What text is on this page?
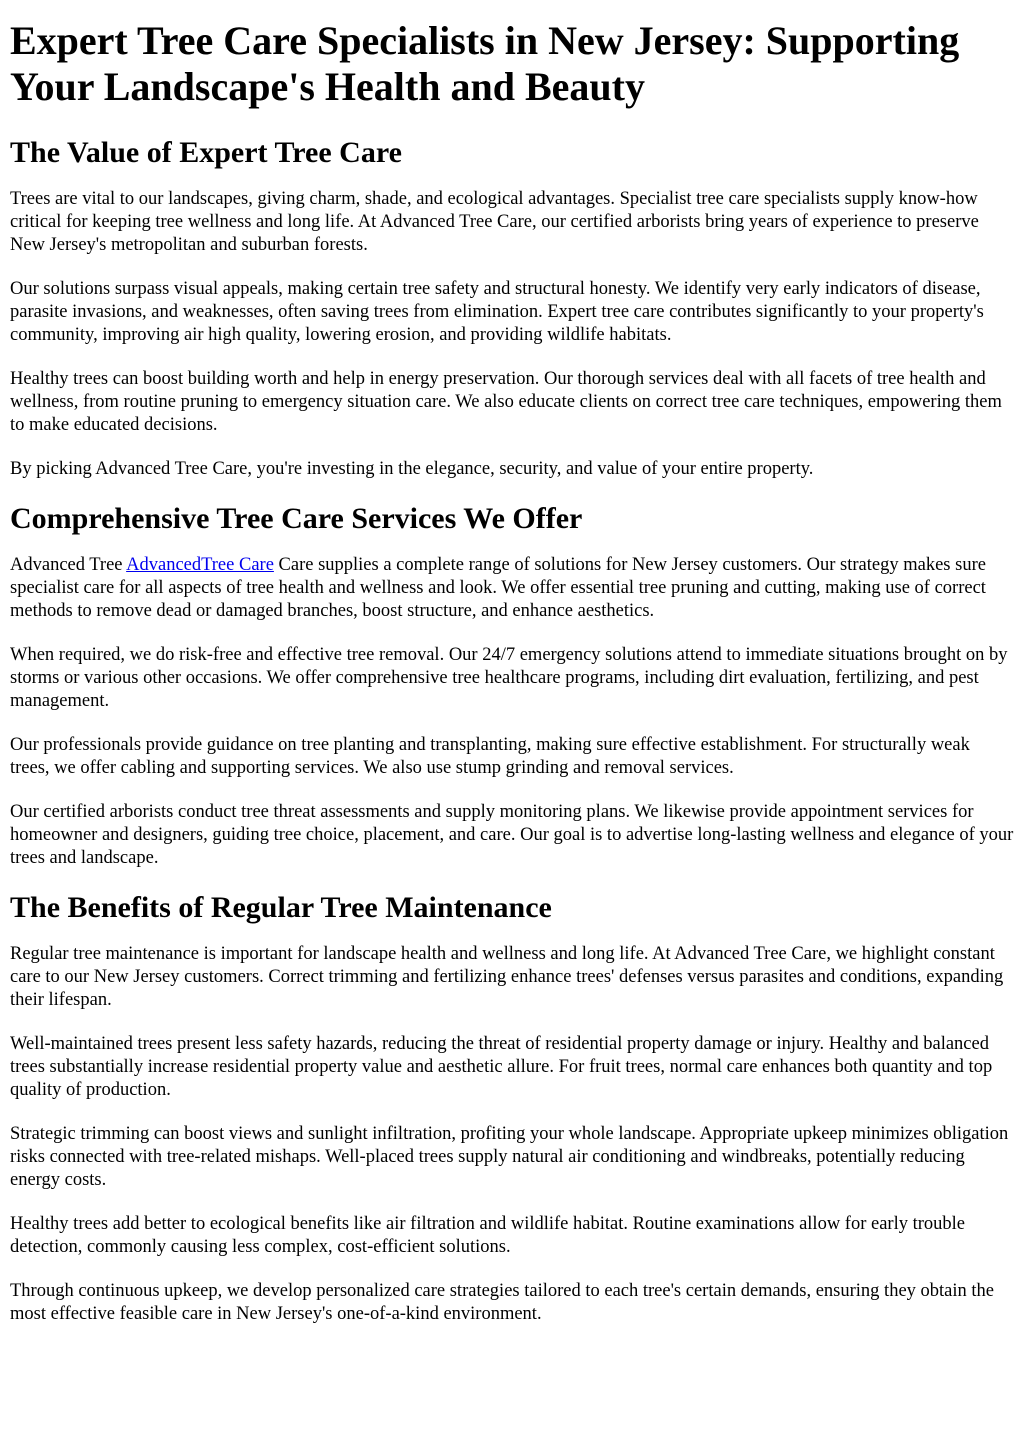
Expert Tree Care Specialists in New Jersey: Supporting Your Landscape's Health and Beauty
The Value of Expert Tree Care

Trees are vital to our landscapes, giving charm, shade, and ecological advantages. Specialist tree care specialists supply know-how critical for keeping tree wellness and long life. At Advanced Tree Care, our certified arborists bring years of experience to preserve New Jersey's metropolitan and suburban forests.

Our solutions surpass visual appeals, making certain tree safety and structural honesty. We identify very early indicators of disease, parasite invasions, and weaknesses, often saving trees from elimination. Expert tree care contributes significantly to your property's community, improving air high quality, lowering erosion, and providing wildlife habitats.

Healthy trees can boost building worth and help in energy preservation. Our thorough services deal with all facets of tree health and wellness, from routine pruning to emergency situation care. We also educate clients on correct tree care techniques, empowering them to make educated decisions.

By picking Advanced Tree Care, you're investing in the elegance, security, and value of your entire property.

Comprehensive Tree Care Services We Offer

Advanced Tree AdvancedTree Care Care supplies a complete range of solutions for New Jersey customers. Our strategy makes sure specialist care for all aspects of tree health and wellness and look. We offer essential tree pruning and cutting, making use of correct methods to remove dead or damaged branches, boost structure, and enhance aesthetics.

When required, we do risk-free and effective tree removal. Our 24/7 emergency solutions attend to immediate situations brought on by storms or various other occasions. We offer comprehensive tree healthcare programs, including dirt evaluation, fertilizing, and pest management.

Our professionals provide guidance on tree planting and transplanting, making sure effective establishment. For structurally weak trees, we offer cabling and supporting services. We also use stump grinding and removal services.

Our certified arborists conduct tree threat assessments and supply monitoring plans. We likewise provide appointment services for homeowner and designers, guiding tree choice, placement, and care. Our goal is to advertise long-lasting wellness and elegance of your trees and landscape.

The Benefits of Regular Tree Maintenance

Regular tree maintenance is important for landscape health and wellness and long life. At Advanced Tree Care, we highlight constant care to our New Jersey customers. Correct trimming and fertilizing enhance trees' defenses versus parasites and conditions, expanding their lifespan.

Well-maintained trees present less safety hazards, reducing the threat of residential property damage or injury. Healthy and balanced trees substantially increase residential property value and aesthetic allure. For fruit trees, normal care enhances both quantity and top quality of production.

Strategic trimming can boost views and sunlight infiltration, profiting your whole landscape. Appropriate upkeep minimizes obligation risks connected with tree-related mishaps. Well-placed trees supply natural air conditioning and windbreaks, potentially reducing energy costs.

Healthy trees add better to ecological benefits like air filtration and wildlife habitat. Routine examinations allow for early trouble detection, commonly causing less complex, cost-efficient solutions.

Through continuous upkeep, we develop personalized care strategies tailored to each tree's certain demands, ensuring they obtain the most effective feasible care in New Jersey's one-of-a-kind environment.
